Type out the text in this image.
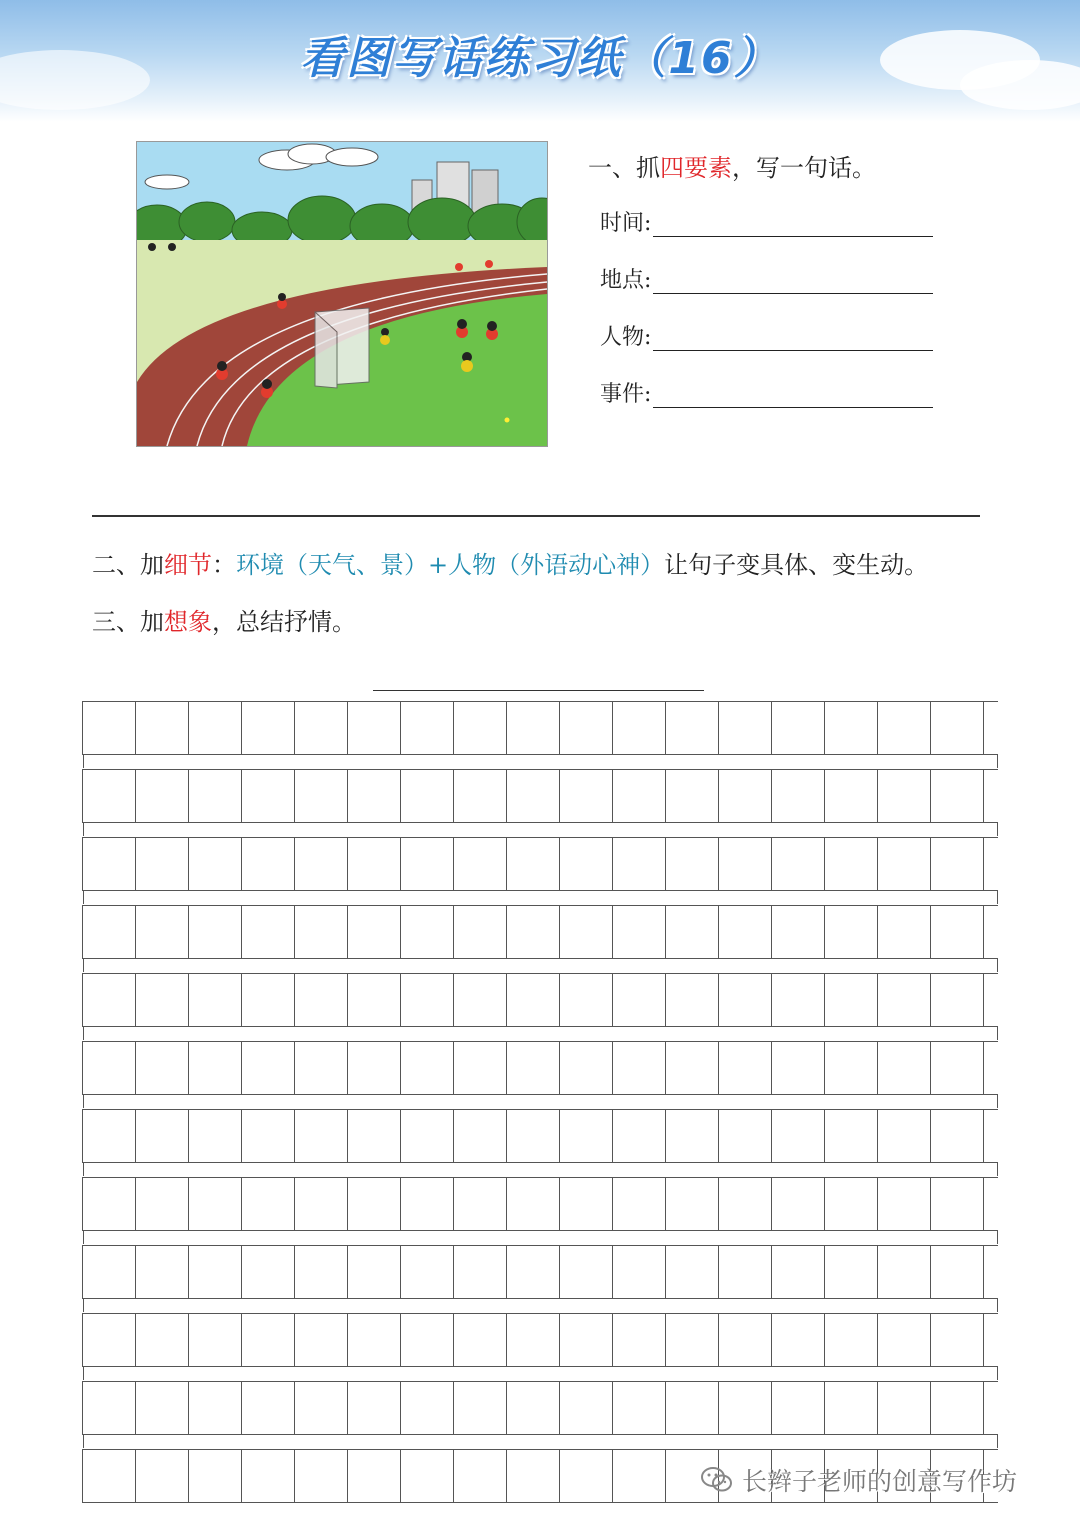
看图写话练习纸（16）
一、抓四要素，写一句话。
时间:
地点:
人物:
事件:
二、加细节：环境（天气、景）+人物（外语动心神）让句子变具体、变生动。
三、加想象，总结抒情。
长辫子老师的创意写作坊
